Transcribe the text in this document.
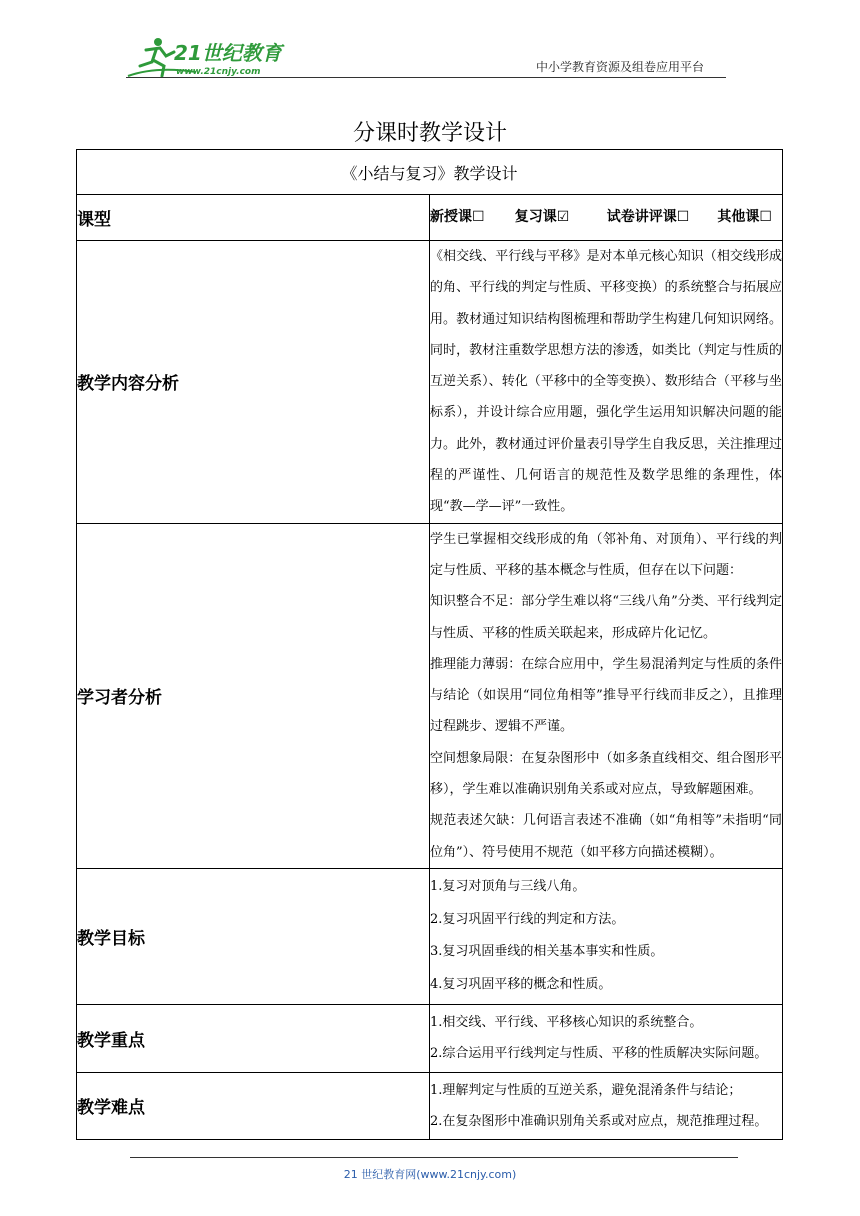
21世纪教育
www.21cnjy.com	中小学教育资源及组卷应用平台
分课时教学设计
《小结与复习》教学设计	
课型	新授课☐ 复习课☑ 试卷讲评课☐ 其他课☐

教学内容分析	《相交线、平行线与平移》是对本单元核心知识（相交线形成的角、平行线的判定与性质、平移变换）的系统整合与拓展应用。教材通过知识结构图梳理和帮助学生构建几何知识网络。同时，教材注重数学思想方法的渗透，如类比（判定与性质的互逆关系）、转化（平移中的全等变换）、数形结合（平移与坐标系），并设计综合应用题，强化学生运用知识解决问题的能力。此外，教材通过评价量表引导学生自我反思，关注推理过程的严谨性、几何语言的规范性及数学思维的条理性，体现“教—学—评”一致性。
学习者分析	学生已掌握相交线形成的角（邻补角、对顶角）、平行线的判定与性质、平移的基本概念与性质，但存在以下问题：

知识整合不足：部分学生难以将“三线八角”分类、平行线判定与性质、平移的性质关联起来，形成碎片化记忆。

推理能力薄弱：在综合应用中，学生易混淆判定与性质的条件与结论（如误用“同位角相等”推导平行线而非反之），且推理过程跳步、逻辑不严谨。

空间想象局限：在复杂图形中（如多条直线相交、组合图形平移），学生难以准确识别角关系或对应点，导致解题困难。

规范表述欠缺：几何语言表述不准确（如“角相等”未指明“同位角”）、符号使用不规范（如平移方向描述模糊）。

教学目标	1.复习对顶角与三线八角。

2.复习巩固平行线的判定和方法。

3.复习巩固垂线的相关基本事实和性质。

4.复习巩固平移的概念和性质。

教学重点	1.相交线、平行线、平移核心知识的系统整合。

2.综合运用平行线判定与性质、平移的性质解决实际问题。

教学难点	1.理解判定与性质的互逆关系，避免混淆条件与结论；

2.在复杂图形中准确识别角关系或对应点，规范推理过程。

21 世纪教育网(www.21cnjy.com)
